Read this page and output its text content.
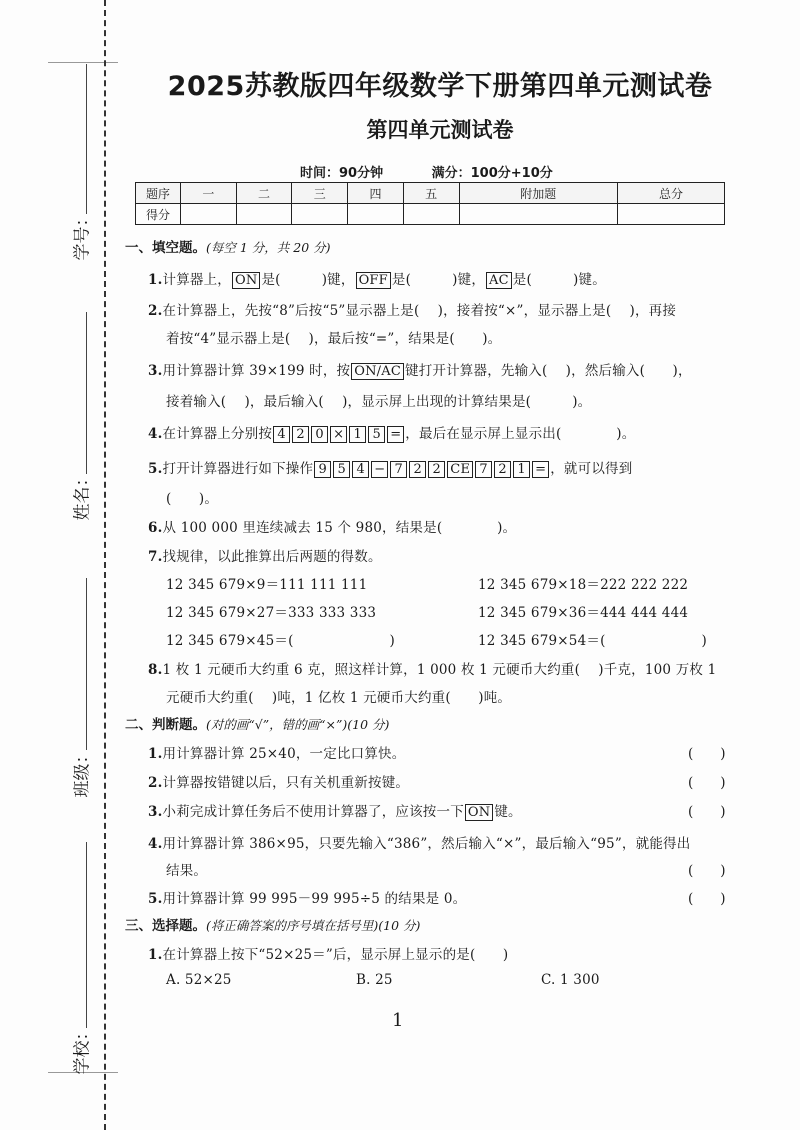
学号：
姓名：
班级：
学校：
2025苏教版四年级数学下册第四单元测试卷
第四单元测试卷
时间：90分钟	满分：100分+10分
题序	一	二	三	四	五	附加题	总分
得分							
一、填空题。(每空 1 分，共 20 分)
1.计算器上， ON 是(　　　)键， OFF 是(　　　)键， AC 是(　　　)键。
2.在计算器上，先按“8”后按“5”显示器上是(　 )，接着按“×”，显示器上是(　 )，再接
着按“4”显示器上是(　 )，最后按“=”，结果是(　　)。
3.用计算器计算 39×199 时，按 ON/AC 键打开计算器，先输入(　 )，然后输入(　　)，
接着输入(　 )，最后输入(　 )，显示屏上出现的计算结果是(　　　)。
4.在计算器上分别按 4 2 0 × 1 5 = ，最后在显示屏上显示出(　　　　)。
5.打开计算器进行如下操作 9 5 4 − 7 2 2 CE 7 2 1 = ，就可以得到
(　　)。
6.从 100 000 里连续减去 15 个 980，结果是(　　　　)。
7.找规律，以此推算出后两题的得数。
12 345 679×9＝111 111 111	12 345 679×18＝222 222 222
12 345 679×27＝333 333 333	12 345 679×36＝444 444 444
12 345 679×45＝(　　　　　　　)	12 345 679×54＝(　　　　　　　)
8.1 枚 1 元硬币大约重 6 克，照这样计算，1 000 枚 1 元硬币大约重(　 )千克，100 万枚 1
元硬币大约重(　 )吨，1 亿枚 1 元硬币大约重(　　)吨。
二、判断题。(对的画“√”，错的画“×”)(10 分)
1.用计算器计算 25×40，一定比口算快。	(　　)
2.计算器按错键以后，只有关机重新按键。	(　　)
3.小莉完成计算任务后不使用计算器了，应该按一下 ON 键。	(　　)
4.用计算器计算 386×95，只要先输入“386”，然后输入“×”，最后输入“95”，就能得出
结果。	(　　)
5.用计算器计算 99 995－99 995÷5 的结果是 0。	(　　)
三、选择题。(将正确答案的序号填在括号里)(10 分)
1.在计算器上按下“52×25＝”后，显示屏上显示的是(　　)
A. 52×25	B. 25	C. 1 300
1
